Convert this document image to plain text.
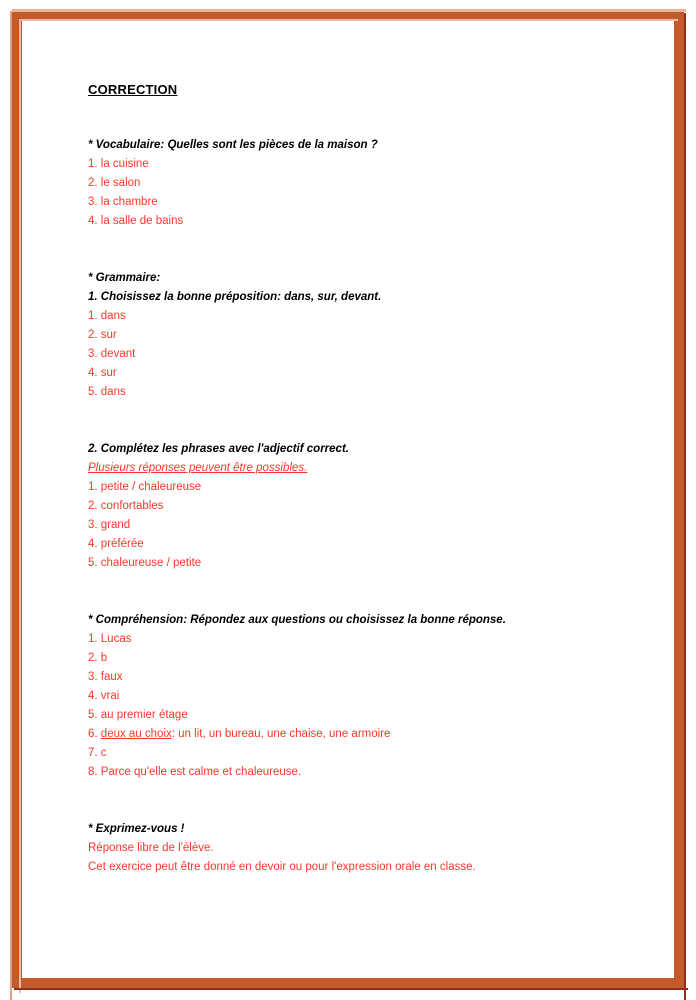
CORRECTION
* Vocabulaire: Quelles sont les pièces de la maison ?
1. la cuisine
2. le salon
3. la chambre
4. la salle de bains
* Grammaire:
1. Choisissez la bonne préposition: dans, sur, devant.
1. dans
2. sur
3. devant
4. sur
5. dans
2. Complétez les phrases avec l'adjectif correct.
Plusieurs réponses peuvent être possibles.
1. petite / chaleureuse
2. confortables
3. grand
4. préférée
5. chaleureuse / petite
* Compréhension: Répondez aux questions ou choisissez la bonne réponse.
1. Lucas
2. b
3. faux
4. vrai
5. au premier étage
6. deux au choix: un lit, un bureau, une chaise, une armoire
7. c
8. Parce qu'elle est calme et chaleureuse.
* Exprimez-vous !
Réponse libre de l'élève.
Cet exercice peut être donné en devoir ou pour l'expression orale en classe.
